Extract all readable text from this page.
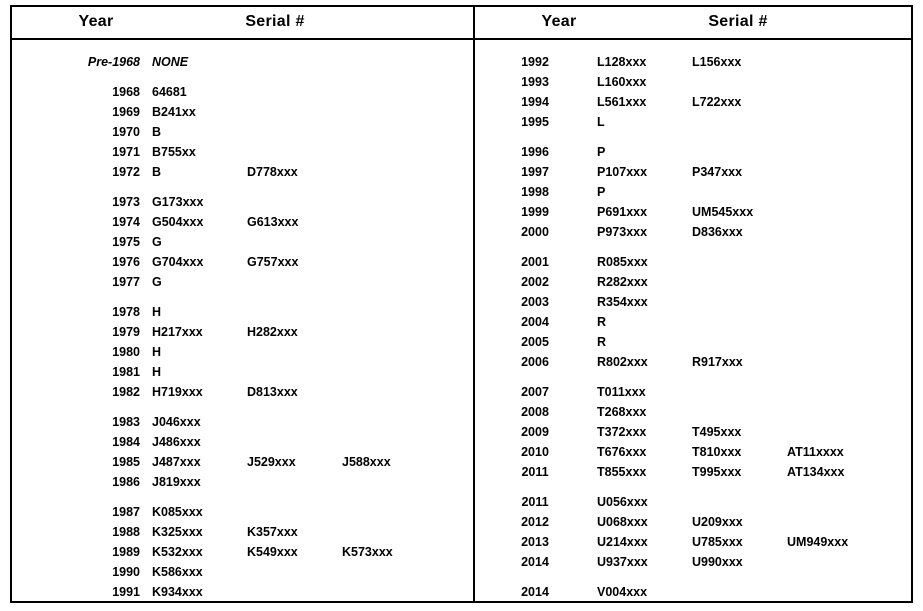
Year	Serial #	Year	Serial #
Pre-1968 NONE
1968 64681
1969 B241xx
1970 B
1971 B755xx
1972 B	D778xxx
1973 G173xxx
1974 G504xxx	G613xxx
1975 G
1976 G704xxx	G757xxx
1977 G
1978 H
1979 H217xxx	H282xxx
1980 H
1981 H
1982 H719xxx	D813xxx
1983 J046xxx
1984 J486xxx
1985 J487xxx	J529xxx	J588xxx
1986 J819xxx
1987 K085xxx
1988 K325xxx	K357xxx
1989 K532xxx	K549xxx	K573xxx
1990 K586xxx
1991 K934xxx
1992	L128xxx	L156xxx
1993	L160xxx
1994	L561xxx	L722xxx
1995	L
1996	P
1997	P107xxx	P347xxx
1998	P
1999	P691xxx	UM545xxx
2000	P973xxx	D836xxx
2001	R085xxx
2002	R282xxx
2003	R354xxx
2004	R
2005	R
2006	R802xxx	R917xxx
2007	T011xxx
2008	T268xxx
2009	T372xxx	T495xxx
2010	T676xxx	T810xxx	AT11xxxx
2011	T855xxx	T995xxx	AT134xxx
2011	U056xxx
2012	U068xxx	U209xxx
2013	U214xxx	U785xxx	UM949xxx
2014	U937xxx	U990xxx
2014	V004xxx
